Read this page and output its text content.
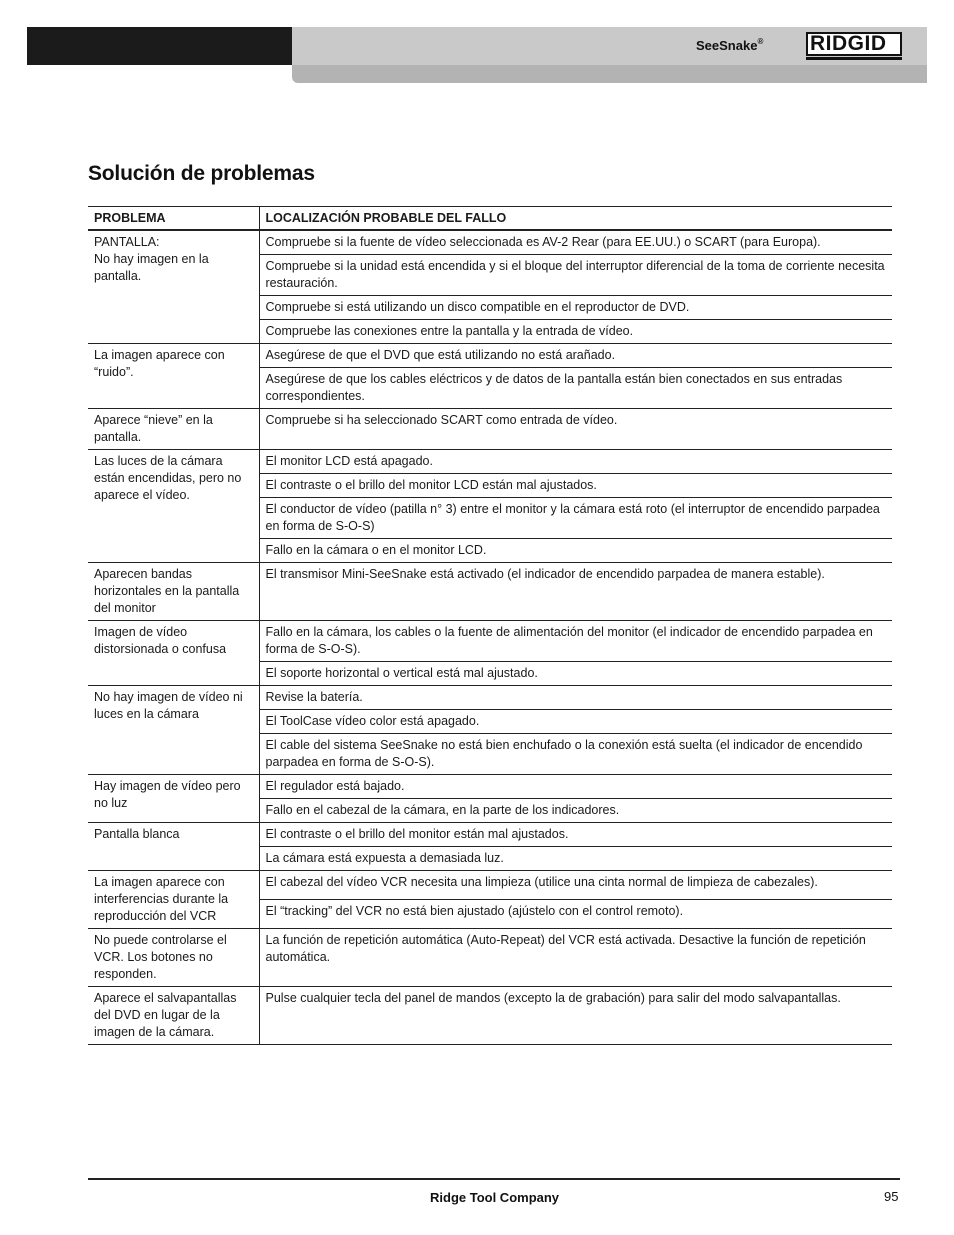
SeeSnake® RIDGID
Solución de problemas
PROBLEMA	LOCALIZACIÓN PROBABLE DEL FALLO

PANTALLA:
No hay imagen en la pantalla.	Compruebe si la fuente de vídeo seleccionada es AV-2 Rear (para EE.UU.) o SCART (para Europa).
	Compruebe si la unidad está encendida y si el bloque del interruptor diferencial de la toma de corriente necesita restauración.
	Compruebe si está utilizando un disco compatible en el reproductor de DVD.
	Compruebe las conexiones entre la pantalla y la entrada de vídeo.

La imagen aparece con “ruido”.	Asegúrese de que el DVD que está utilizando no está arañado.
	Asegúrese de que los cables eléctricos y de datos de la pantalla están bien conectados en sus entradas correspondientes.

Aparece “nieve” en la pantalla.	Compruebe si ha seleccionado SCART como entrada de vídeo.

Las luces de la cámara están encendidas, pero no aparece el vídeo.	El monitor LCD está apagado.
	El contraste o el brillo del monitor LCD están mal ajustados.
	El conductor de vídeo (patilla n° 3) entre el monitor y la cámara está roto (el interruptor de encendido parpadea en forma de S-O-S)
	Fallo en la cámara o en el monitor LCD.

Aparecen bandas horizontales en la pantalla del monitor	El transmisor Mini-SeeSnake está activado (el indicador de encendido parpadea de manera estable).

Imagen de vídeo distorsionada o confusa	Fallo en la cámara, los cables o la fuente de alimentación del monitor (el indicador de encendido parpadea en forma de S-O-S).
	El soporte horizontal o vertical está mal ajustado.

No hay imagen de vídeo ni luces en la cámara	Revise la batería.
	El ToolCase vídeo color está apagado.
	El cable del sistema SeeSnake no está bien enchufado o la conexión está suelta (el indicador de encendido parpadea en forma de S-O-S).

Hay imagen de vídeo pero no luz	El regulador está bajado.
	Fallo en el cabezal de la cámara, en la parte de los indicadores.

Pantalla blanca	El contraste o el brillo del monitor están mal ajustados.
	La cámara está expuesta a demasiada luz.

La imagen aparece con interferencias durante la reproducción del VCR	El cabezal del vídeo VCR necesita una limpieza (utilice una cinta normal de limpieza de cabezales).
	El “tracking” del VCR no está bien ajustado (ajústelo con el control remoto).

No puede controlarse el VCR. Los botones no responden.	La función de repetición automática (Auto-Repeat) del VCR está activada. Desactive la función de repetición automática.

Aparece el salvapantallas del DVD en lugar de la imagen de la cámara.	Pulse cualquier tecla del panel de mandos (excepto la de grabación) para salir del modo salvapantallas.
Ridge Tool Company	95
